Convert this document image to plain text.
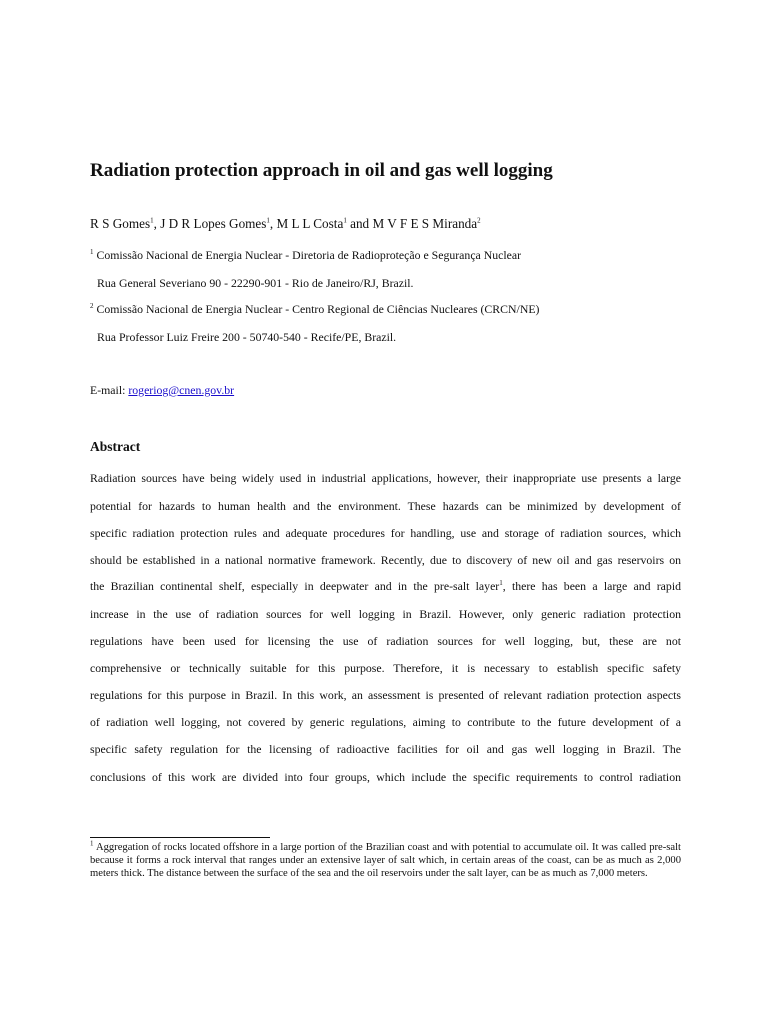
Radiation protection approach in oil and gas well logging
R S Gomes$^1$, J D R Lopes Gomes$^1$, M L L Costa$^1$ and M V F E S Miranda$^2$
$^1$ Comissão Nacional de Energia Nuclear - Diretoria de Radioproteção e Segurança Nuclear
Rua General Severiano 90 - 22290-901 - Rio de Janeiro/RJ, Brazil.
$^2$ Comissão Nacional de Energia Nuclear - Centro Regional de Ciências Nucleares (CRCN/NE)
Rua Professor Luiz Freire 200 - 50740-540 - Recife/PE, Brazil.
E-mail: rogeriog@cnen.gov.br
Abstract
Radiation sources have being widely used in industrial applications, however, their inappropriate use presents a large
potential for hazards to human health and the environment. These hazards can be minimized by development of
specific radiation protection rules and adequate procedures for handling, use and storage of radiation sources, which
should be established in a national normative framework. Recently, due to discovery of new oil and gas reservoirs on
the Brazilian continental shelf, especially in deepwater and in the pre-salt layer$^1$, there has been a large and rapid
increase in the use of radiation sources for well logging in Brazil. However, only generic radiation protection
regulations have been used for licensing the use of radiation sources for well logging, but, these are not
comprehensive or technically suitable for this purpose. Therefore, it is necessary to establish specific safety
regulations for this purpose in Brazil. In this work, an assessment is presented of relevant radiation protection aspects
of radiation well logging, not covered by generic regulations, aiming to contribute to the future development of a
specific safety regulation for the licensing of radioactive facilities for oil and gas well logging in Brazil. The
conclusions of this work are divided into four groups, which include the specific requirements to control radiation
$^1$ Aggregation of rocks located offshore in a large portion of the Brazilian coast and with potential to accumulate oil. It was called pre-salt because it forms a rock interval that ranges under an extensive layer of salt which, in certain areas of the coast, can be as much as 2,000 meters thick. The distance between the surface of the sea and the oil reservoirs under the salt layer, can be as much as 7,000 meters.
